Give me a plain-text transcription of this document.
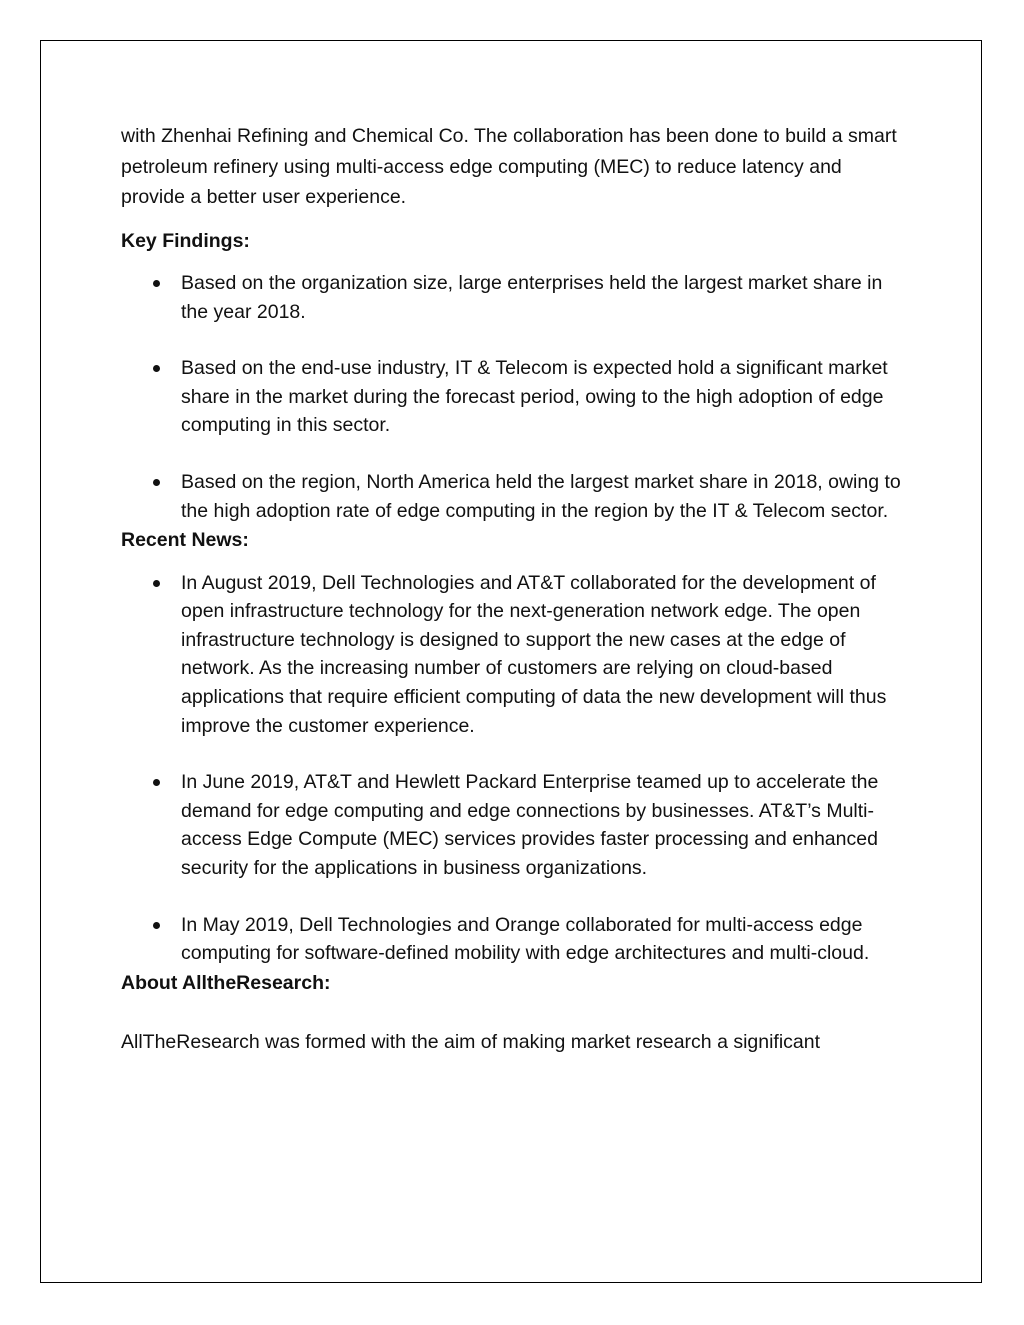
with Zhenhai Refining and Chemical Co. The collaboration has been done to build a smart petroleum refinery using multi-access edge computing (MEC) to reduce latency and provide a better user experience.

Key Findings:

Based on the organization size, large enterprises held the largest market share in the year 2018.
Based on the end-use industry, IT & Telecom is expected hold a significant market share in the market during the forecast period, owing to the high adoption of edge computing in this sector.
Based on the region, North America held the largest market share in 2018, owing to the high adoption rate of edge computing in the region by the IT & Telecom sector.

Recent News:

In August 2019, Dell Technologies and AT&T collaborated for the development of open infrastructure technology for the next-generation network edge. The open infrastructure technology is designed to support the new cases at the edge of network. As the increasing number of customers are relying on cloud-based applications that require efficient computing of data the new development will thus improve the customer experience.
In June 2019, AT&T and Hewlett Packard Enterprise teamed up to accelerate the demand for edge computing and edge connections by businesses. AT&T’s Multi-access Edge Compute (MEC) services provides faster processing and enhanced security for the applications in business organizations.
In May 2019, Dell Technologies and Orange collaborated for multi-access edge computing for software-defined mobility with edge architectures and multi-cloud.

About AlltheResearch:

AllTheResearch was formed with the aim of making market research a significant
